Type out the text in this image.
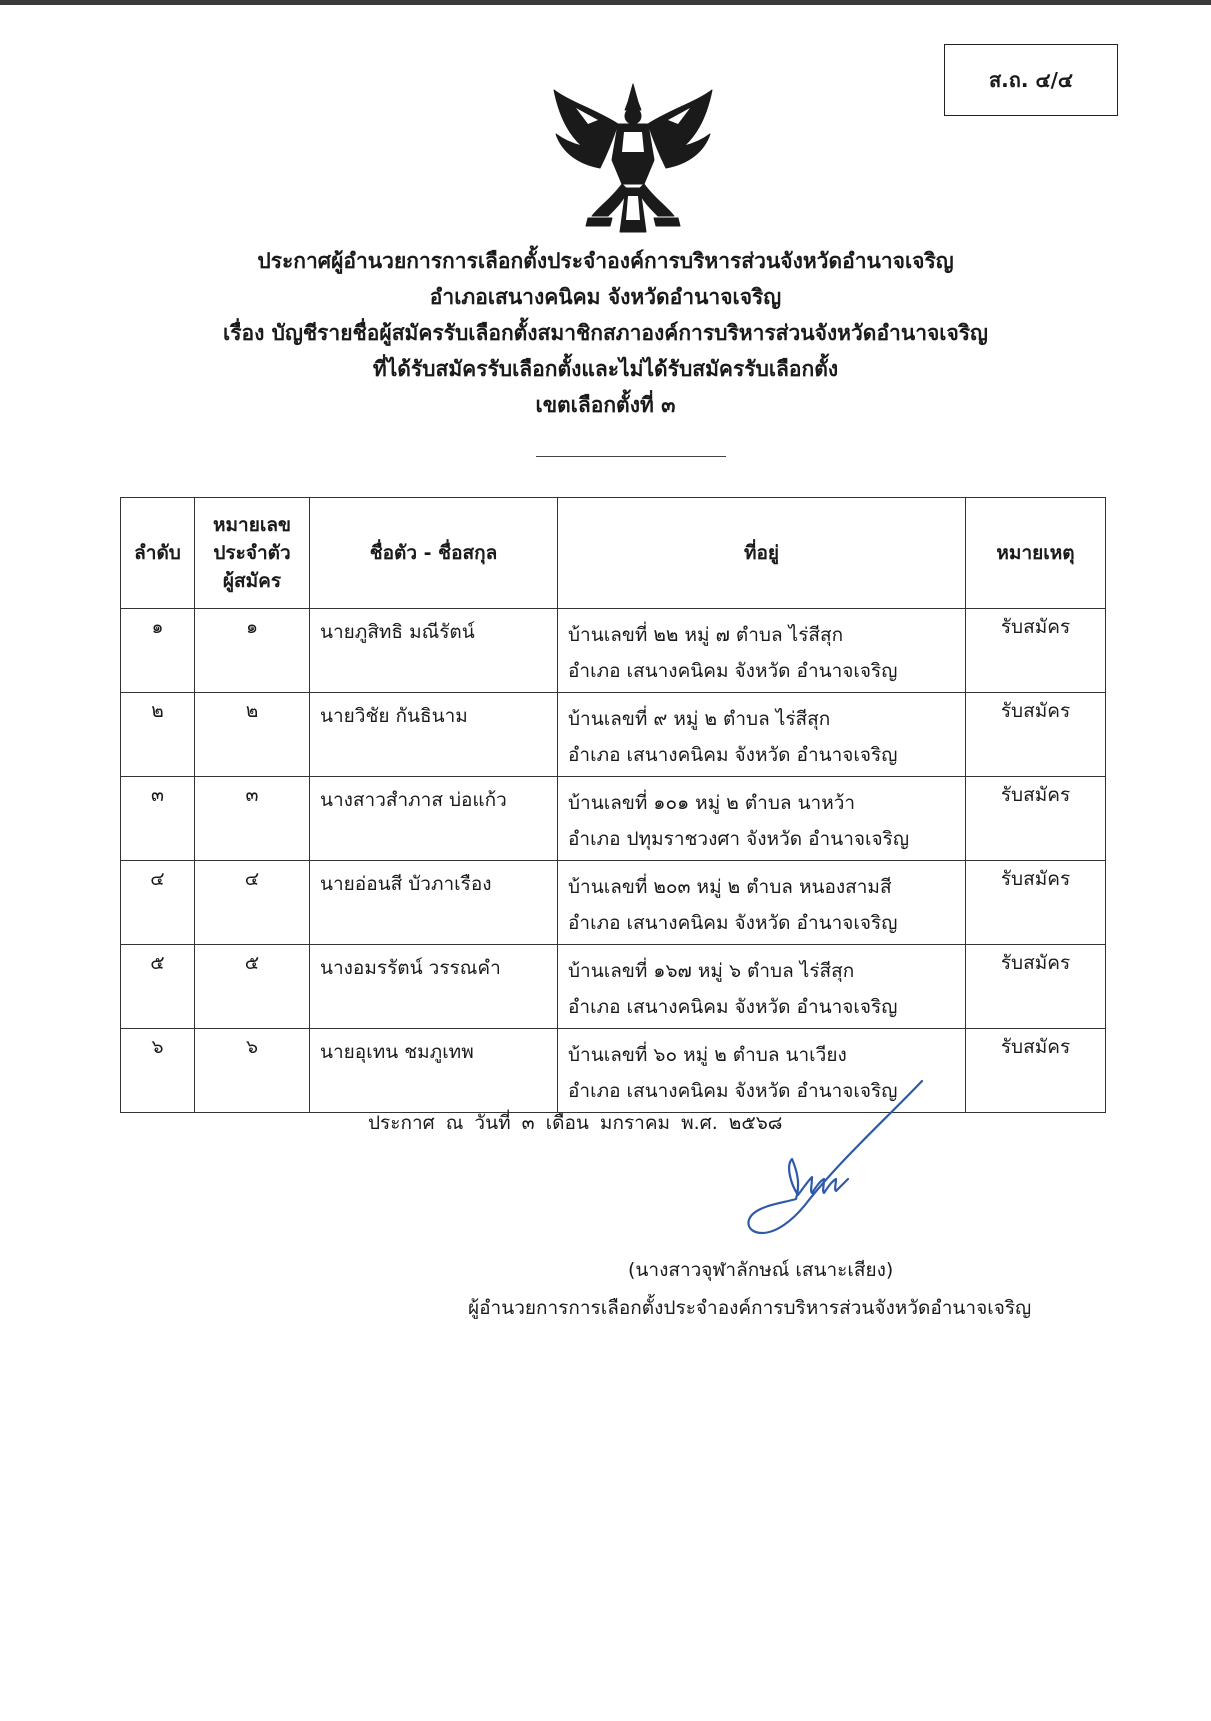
ส.ถ. ๔/๔
ประกาศผู้อำนวยการการเลือกตั้งประจำองค์การบริหารส่วนจังหวัดอำนาจเจริญ
อำเภอเสนางคนิคม จังหวัดอำนาจเจริญ
เรื่อง บัญชีรายชื่อผู้สมัครรับเลือกตั้งสมาชิกสภาองค์การบริหารส่วนจังหวัดอำนาจเจริญ
ที่ได้รับสมัครรับเลือกตั้งและไม่ได้รับสมัครรับเลือกตั้ง
เขตเลือกตั้งที่ ๓
ลำดับ	หมายเลข
ประจำตัว
ผู้สมัคร	ชื่อตัว - ชื่อสกุล	ที่อยู่	หมายเหตุ
๑	๑	นายภูสิทธิ มณีรัตน์	บ้านเลขที่ ๒๒ หมู่ ๗ ตำบล ไร่สีสุก
อำเภอ เสนางคนิคม จังหวัด อำนาจเจริญ	รับสมัคร
๒	๒	นายวิชัย กันธินาม	บ้านเลขที่ ๙ หมู่ ๒ ตำบล ไร่สีสุก
อำเภอ เสนางคนิคม จังหวัด อำนาจเจริญ	รับสมัคร
๓	๓	นางสาวสำภาส บ่อแก้ว	บ้านเลขที่ ๑๐๑ หมู่ ๒ ตำบล นาหว้า
อำเภอ ปทุมราชวงศา จังหวัด อำนาจเจริญ	รับสมัคร
๔	๔	นายอ่อนสี บัวภาเรือง	บ้านเลขที่ ๒๐๓ หมู่ ๒ ตำบล หนองสามสี
อำเภอ เสนางคนิคม จังหวัด อำนาจเจริญ	รับสมัคร
๕	๕	นางอมรรัตน์ วรรณคำ	บ้านเลขที่ ๑๖๗ หมู่ ๖ ตำบล ไร่สีสุก
อำเภอ เสนางคนิคม จังหวัด อำนาจเจริญ	รับสมัคร
๖	๖	นายอุเทน ชมภูเทพ	บ้านเลขที่ ๖๐ หมู่ ๒ ตำบล นาเวียง
อำเภอ เสนางคนิคม จังหวัด อำนาจเจริญ	รับสมัคร
ประกาศ ณ วันที่ ๓ เดือน มกราคม พ.ศ. ๒๕๖๘
(นางสาวจุฬาลักษณ์ เสนาะเสียง)
ผู้อำนวยการการเลือกตั้งประจำองค์การบริหารส่วนจังหวัดอำนาจเจริญ
